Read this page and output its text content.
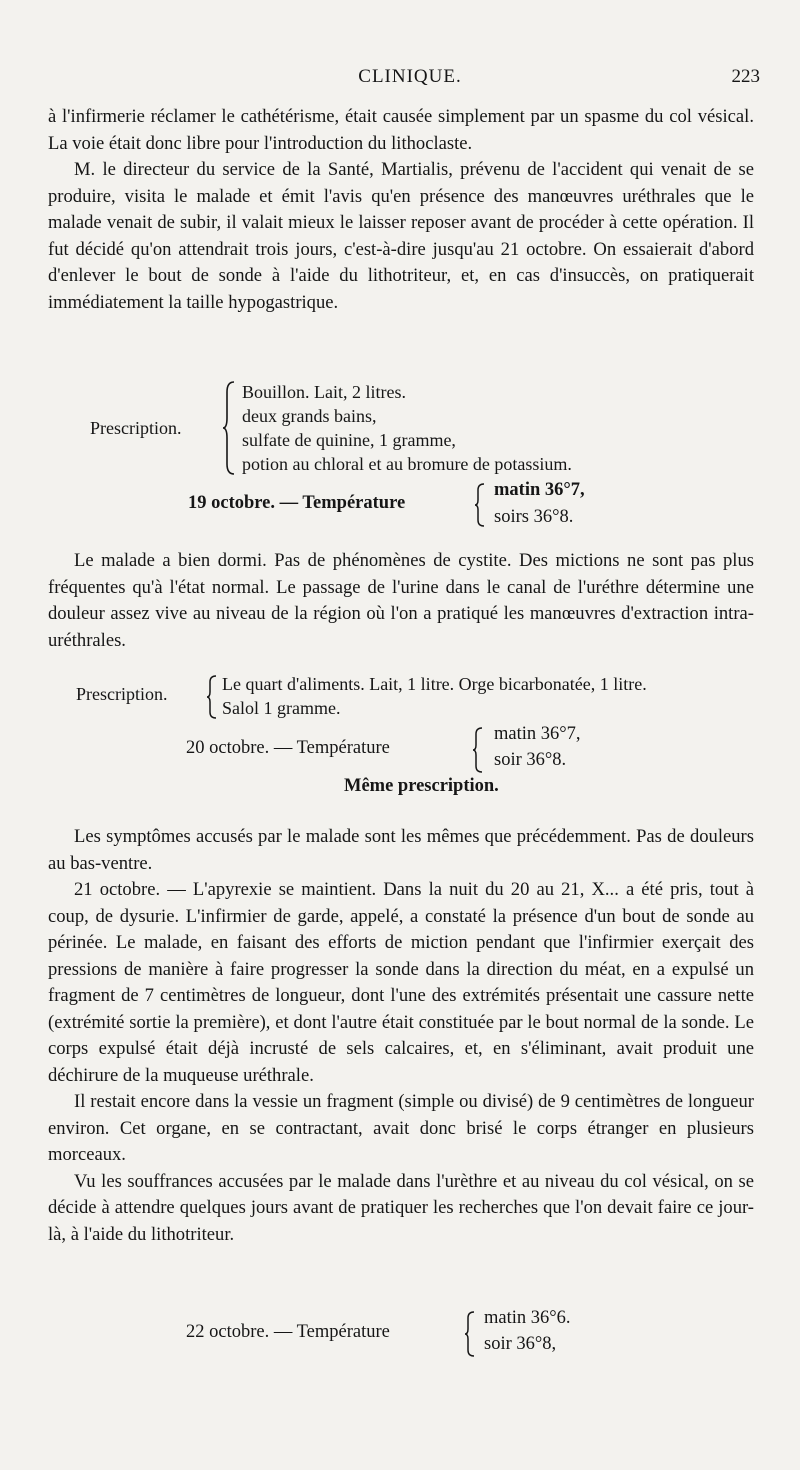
CLINIQUE.	223

à l'infirmerie réclamer le cathétérisme, était causée simplement par un spasme du col vésical. La voie était donc libre pour l'introduction du lithoclaste.

M. le directeur du service de la Santé, Martialis, prévenu de l'accident qui venait de se produire, visita le malade et émit l'avis qu'en présence des manœuvres uréthrales que le malade venait de subir, il valait mieux le laisser reposer avant de procéder à cette opération. Il fut décidé qu'on attendrait trois jours, c'est-à-dire jusqu'au 21 octobre. On essaierait d'abord d'enlever le bout de sonde à l'aide du lithotriteur, et, en cas d'insuccès, on pratiquerait immédiatement la taille hypogastrique.

Prescription.
Bouillon. Lait, 2 litres.
deux grands bains,
sulfate de quinine, 1 gramme,
potion au chloral et au bromure de potassium.
19 octobre. — Température
matin 36°7,
soirs 36°8.

Le malade a bien dormi. Pas de phénomènes de cystite. Des mictions ne sont pas plus fréquentes qu'à l'état normal. Le passage de l'urine dans le canal de l'uréthre détermine une douleur assez vive au niveau de la région où l'on a pratiqué les manœuvres d'extraction intra-uréthrales.

Prescription.	Le quart d'aliments. Lait, 1 litre. Orge bicarbonatée, 1 litre.
Salol 1 gramme.
20 octobre. — Température
matin 36°7,
soir 36°8.
Même prescription.

Les symptômes accusés par le malade sont les mêmes que précédemment. Pas de douleurs au bas-ventre.

21 octobre. — L'apyrexie se maintient. Dans la nuit du 20 au 21, X... a été pris, tout à coup, de dysurie. L'infirmier de garde, appelé, a constaté la présence d'un bout de sonde au périnée. Le malade, en faisant des efforts de miction pendant que l'infirmier exerçait des pressions de manière à faire progresser la sonde dans la direction du méat, en a expulsé un fragment de 7 centimètres de longueur, dont l'une des extrémités présentait une cassure nette (extrémité sortie la première), et dont l'autre était constituée par le bout normal de la sonde. Le corps expulsé était déjà incrusté de sels calcaires, et, en s'éliminant, avait produit une déchirure de la muqueuse uréthrale.

Il restait encore dans la vessie un fragment (simple ou divisé) de 9 centimètres de longueur environ. Cet organe, en se contractant, avait donc brisé le corps étranger en plusieurs morceaux.

Vu les souffrances accusées par le malade dans l'urèthre et au niveau du col vésical, on se décide à attendre quelques jours avant de pratiquer les recherches que l'on devait faire ce jour-là, à l'aide du lithotriteur.

22 octobre. — Température
matin 36°6.
soir 36°8,
